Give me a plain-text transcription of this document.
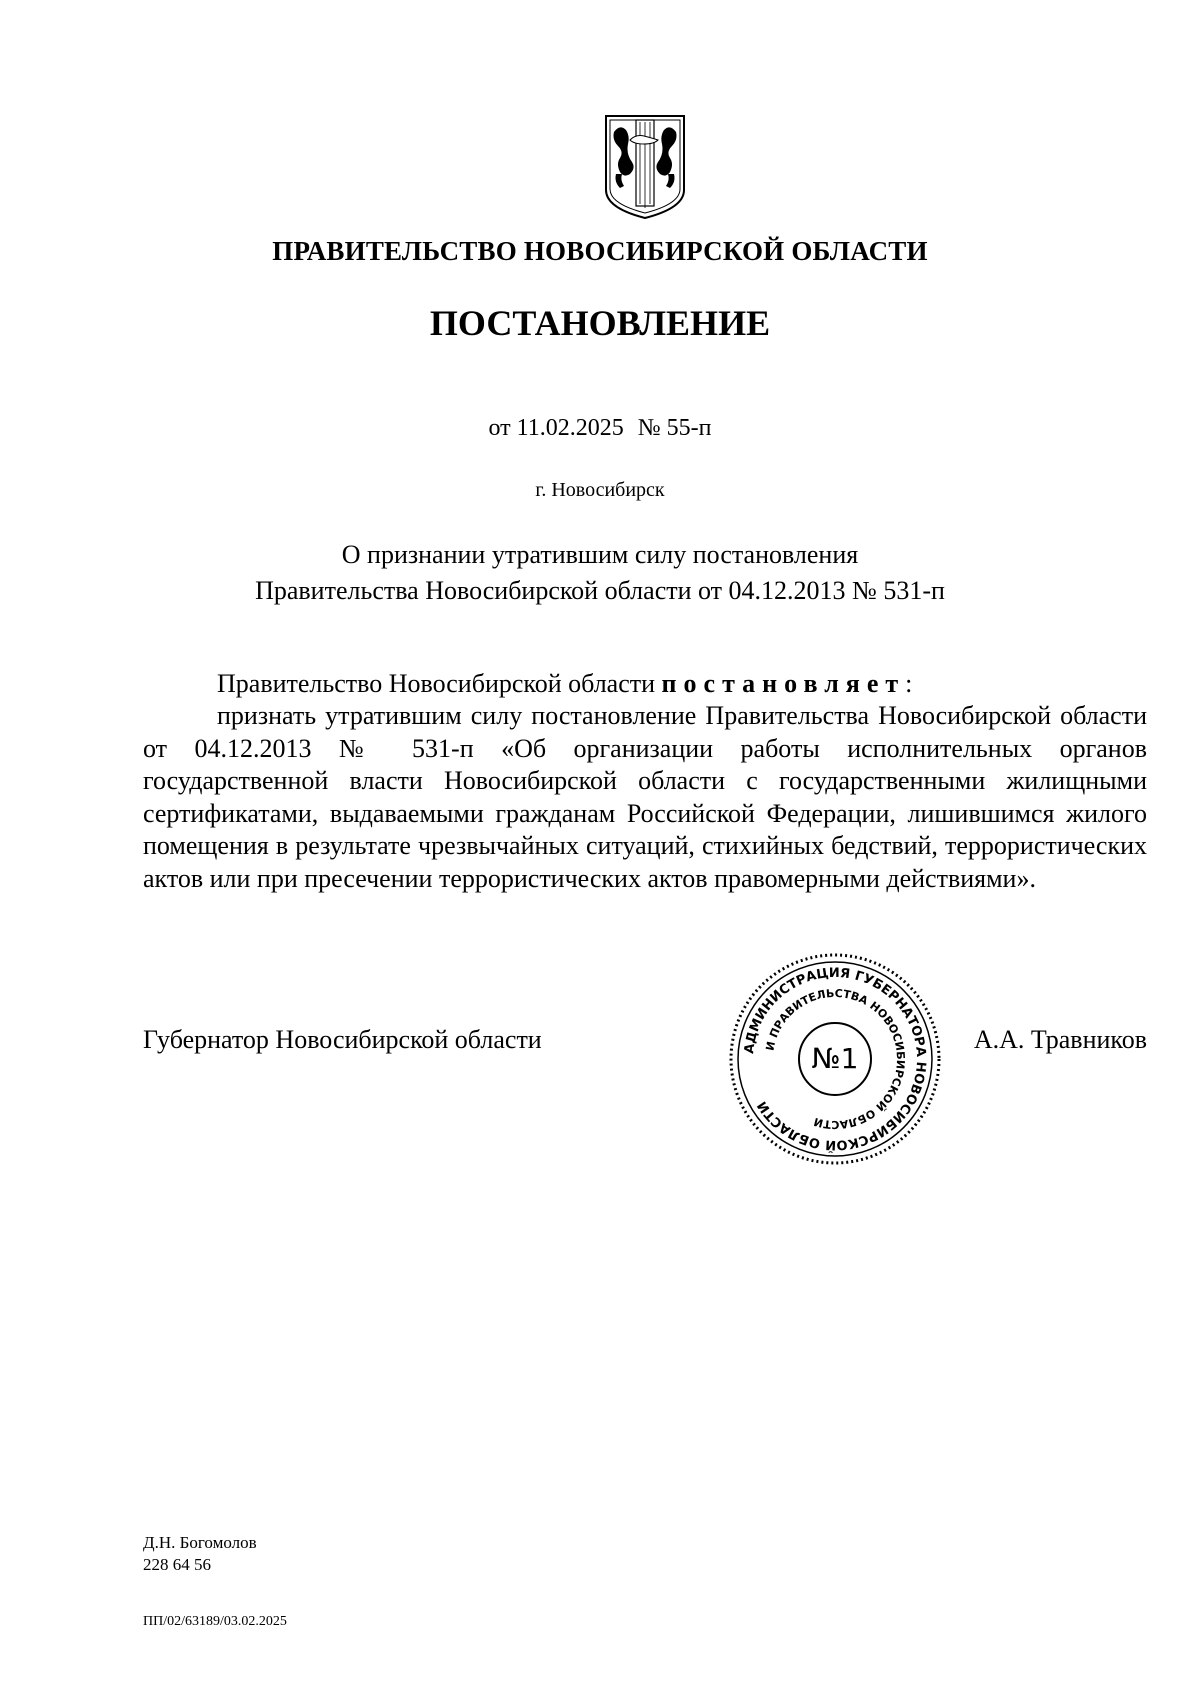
ПРАВИТЕЛЬСТВО НОВОСИБИРСКОЙ ОБЛАСТИ
ПОСТАНОВЛЕНИЕ
от 11.02.2025 № 55-п
г. Новосибирск
О признании утратившим силу постановления
Правительства Новосибирской области от 04.12.2013 № 531-п
Правительство Новосибирской области постановляет:
признать утратившим силу постановление Правительства Новосибирской области от 04.12.2013 № 531-п «Об организации работы исполнительных органов государственной власти Новосибирской области с государственными жилищными сертификатами, выдаваемыми гражданам Российской Федерации, лишившимся жилого помещения в результате чрезвычайных ситуаций, стихийных бедствий, террористических актов или при пресечении террористических актов правомерными действиями».
Губернатор Новосибирской области	А.А. Травников
АДМИНИСТРАЦИЯ ГУБЕРНАТОРА НОВОСИБИРСКОЙ ОБЛАСТИ
И ПРАВИТЕЛЬСТВА НОВОСИБИРСКОЙ ОБЛАСТИ
№1
Д.Н. Богомолов
228 64 56
ПП/02/63189/03.02.2025
